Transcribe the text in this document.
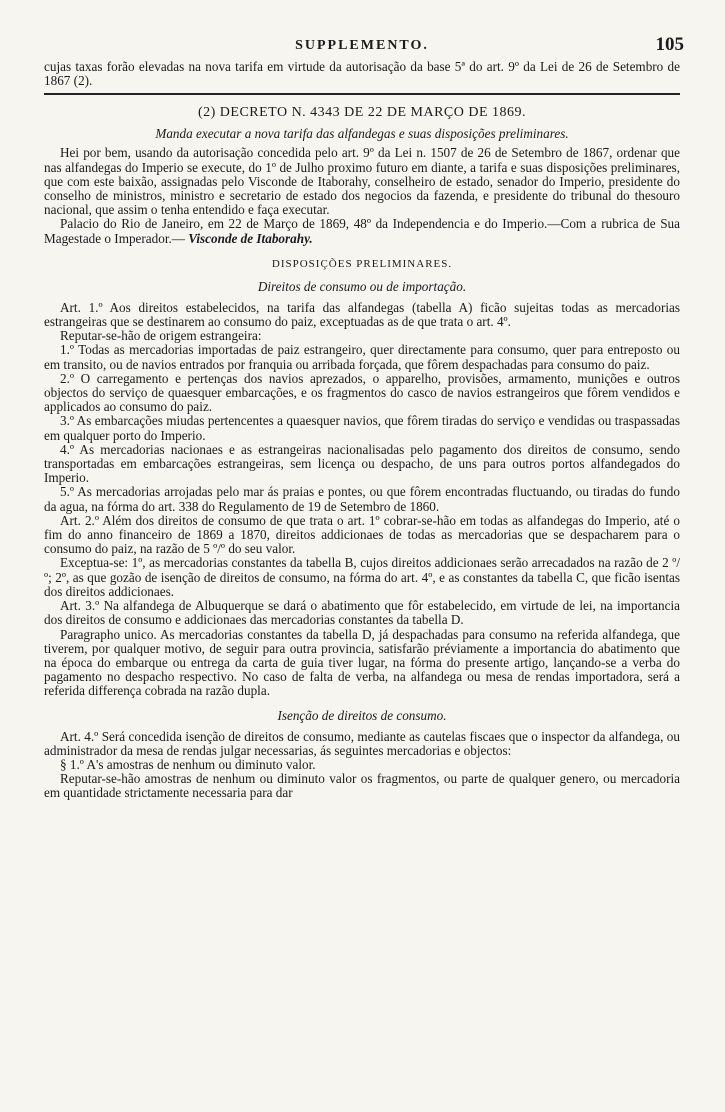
SUPPLEMENTO.	105

cujas taxas forão elevadas na nova tarifa em virtude da autorisação da base 5ª do art. 9º da Lei de 26 de Setembro de 1867 (2).

(2) DECRETO N. 4343 DE 22 DE MARÇO DE 1869.
Manda executar a nova tarifa das alfandegas e suas disposições preliminares.

Hei por bem, usando da autorisação concedida pelo art. 9º da Lei n. 1507 de 26 de Setembro de 1867, ordenar que nas alfandegas do Imperio se execute, do 1º de Julho proximo futuro em diante, a tarifa e suas disposições preliminares, que com este baixão, assignadas pelo Visconde de Itaborahy, conselheiro de estado, senador do Imperio, presidente do conselho de ministros, ministro e secretario de estado dos negocios da fazenda, e presidente do tribunal do thesouro nacional, que assim o tenha entendido e faça executar.

Palacio do Rio de Janeiro, em 22 de Março de 1869, 48º da Independencia e do Imperio.—Com a rubrica de Sua Magestade o Imperador.— Visconde de Itaborahy.

DISPOSIÇÕES PRELIMINARES.
Direitos de consumo ou de importação.

Art. 1.º Aos direitos estabelecidos, na tarifa das alfandegas (tabella A) ficão sujeitas todas as mercadorias estrangeiras que se destinarem ao consumo do paiz, exceptuadas as de que trata o art. 4º.

Reputar-se-hão de origem estrangeira:

1.º Todas as mercadorias importadas de paiz estrangeiro, quer directamente para consumo, quer para entreposto ou em transito, ou de navios entrados por franquia ou arribada forçada, que fôrem despachadas para consumo do paiz.

2.º O carregamento e pertenças dos navios aprezados, o apparelho, provisões, armamento, munições e outros objectos do serviço de quaesquer embarcações, e os fragmentos do casco de navios estrangeiros que fôrem vendidos e applicados ao consumo do paiz.

3.º As embarcações miudas pertencentes a quaesquer navios, que fôrem tiradas do serviço e vendidas ou traspassadas em qualquer porto do Imperio.

4.º As mercadorias nacionaes e as estrangeiras nacionalisadas pelo pagamento dos direitos de consumo, sendo transportadas em embarcações estrangeiras, sem licença ou despacho, de uns para outros portos alfandegados do Imperio.

5.º As mercadorias arrojadas pelo mar ás praias e pontes, ou que fôrem encontradas fluctuando, ou tiradas do fundo da agua, na fórma do art. 338 do Regulamento de 19 de Setembro de 1860.

Art. 2.º Além dos direitos de consumo de que trata o art. 1º cobrar-se-hão em todas as alfandegas do Imperio, até o fim do anno financeiro de 1869 a 1870, direitos addicionaes de todas as mercadorias que se despacharem para o consumo do paiz, na razão de 5 º/º do seu valor.

Exceptua-se: 1º, as mercadorias constantes da tabella B, cujos direitos addicionaes serão arrecadados na razão de 2 º/º; 2º, as que gozão de isenção de direitos de consumo, na fórma do art. 4º, e as constantes da tabella C, que ficão isentas dos direitos addicionaes.

Art. 3.º Na alfandega de Albuquerque se dará o abatimento que fôr estabelecido, em virtude de lei, na importancia dos direitos de consumo e addicionaes das mercadorias constantes da tabella D.

Paragrapho unico. As mercadorias constantes da tabella D, já despachadas para consumo na referida alfandega, que tiverem, por qualquer motivo, de seguir para outra provincia, satisfarão préviamente a importancia do abatimento que na época do embarque ou entrega da carta de guia tiver lugar, na fórma do presente artigo, lançando-se a verba do pagamento no despacho respectivo. No caso de falta de verba, na alfandega ou mesa de rendas importadora, será a referida differença cobrada na razão dupla.

Isenção de direitos de consumo.

Art. 4.º Será concedida isenção de direitos de consumo, mediante as cautelas fiscaes que o inspector da alfandega, ou administrador da mesa de rendas julgar necessarias, ás seguintes mercadorias e objectos:

§ 1.º A's amostras de nenhum ou diminuto valor.

Reputar-se-hão amostras de nenhum ou diminuto valor os fragmentos, ou parte de qualquer genero, ou mercadoria em quantidade strictamente necessaria para dar
